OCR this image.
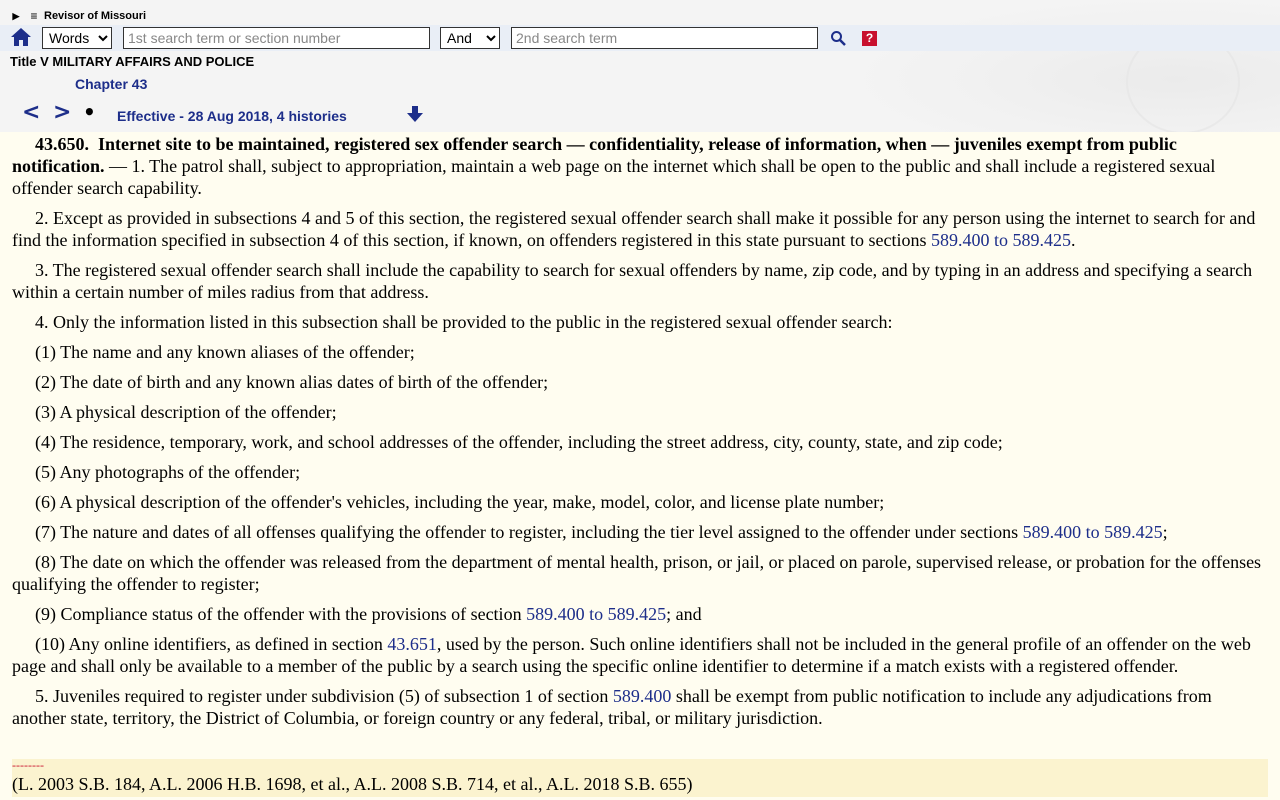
▶ ≡ Revisor of Missouri
Words
1st search term or section number
And
2nd search term
?
Title V MILITARY AFFAIRS AND POLICE
Chapter 43
< > • Effective - 28 Aug 2018, 4 histories

43.650. Internet site to be maintained, registered sex offender search — confidentiality, release of information, when — juveniles exempt from public notification. — 1. The patrol shall, subject to appropriation, maintain a web page on the internet which shall be open to the public and shall include a registered sexual offender search capability.

2. Except as provided in subsections 4 and 5 of this section, the registered sexual offender search shall make it possible for any person using the internet to search for and find the information specified in subsection 4 of this section, if known, on offenders registered in this state pursuant to sections 589.400 to 589.425.

3. The registered sexual offender search shall include the capability to search for sexual offenders by name, zip code, and by typing in an address and specifying a search within a certain number of miles radius from that address.

4. Only the information listed in this subsection shall be provided to the public in the registered sexual offender search:

(1) The name and any known aliases of the offender;

(2) The date of birth and any known alias dates of birth of the offender;

(3) A physical description of the offender;

(4) The residence, temporary, work, and school addresses of the offender, including the street address, city, county, state, and zip code;

(5) Any photographs of the offender;

(6) A physical description of the offender's vehicles, including the year, make, model, color, and license plate number;

(7) The nature and dates of all offenses qualifying the offender to register, including the tier level assigned to the offender under sections 589.400 to 589.425;

(8) The date on which the offender was released from the department of mental health, prison, or jail, or placed on parole, supervised release, or probation for the offenses qualifying the offender to register;

(9) Compliance status of the offender with the provisions of section 589.400 to 589.425; and

(10) Any online identifiers, as defined in section 43.651, used by the person. Such online identifiers shall not be included in the general profile of an offender on the web page and shall only be available to a member of the public by a search using the specific online identifier to determine if a match exists with a registered offender.

5. Juveniles required to register under subdivision (5) of subsection 1 of section 589.400 shall be exempt from public notification to include any adjudications from another state, territory, the District of Columbia, or foreign country or any federal, tribal, or military jurisdiction.

--------
(L. 2003 S.B. 184, A.L. 2006 H.B. 1698, et al., A.L. 2008 S.B. 714, et al., A.L. 2018 S.B. 655)
